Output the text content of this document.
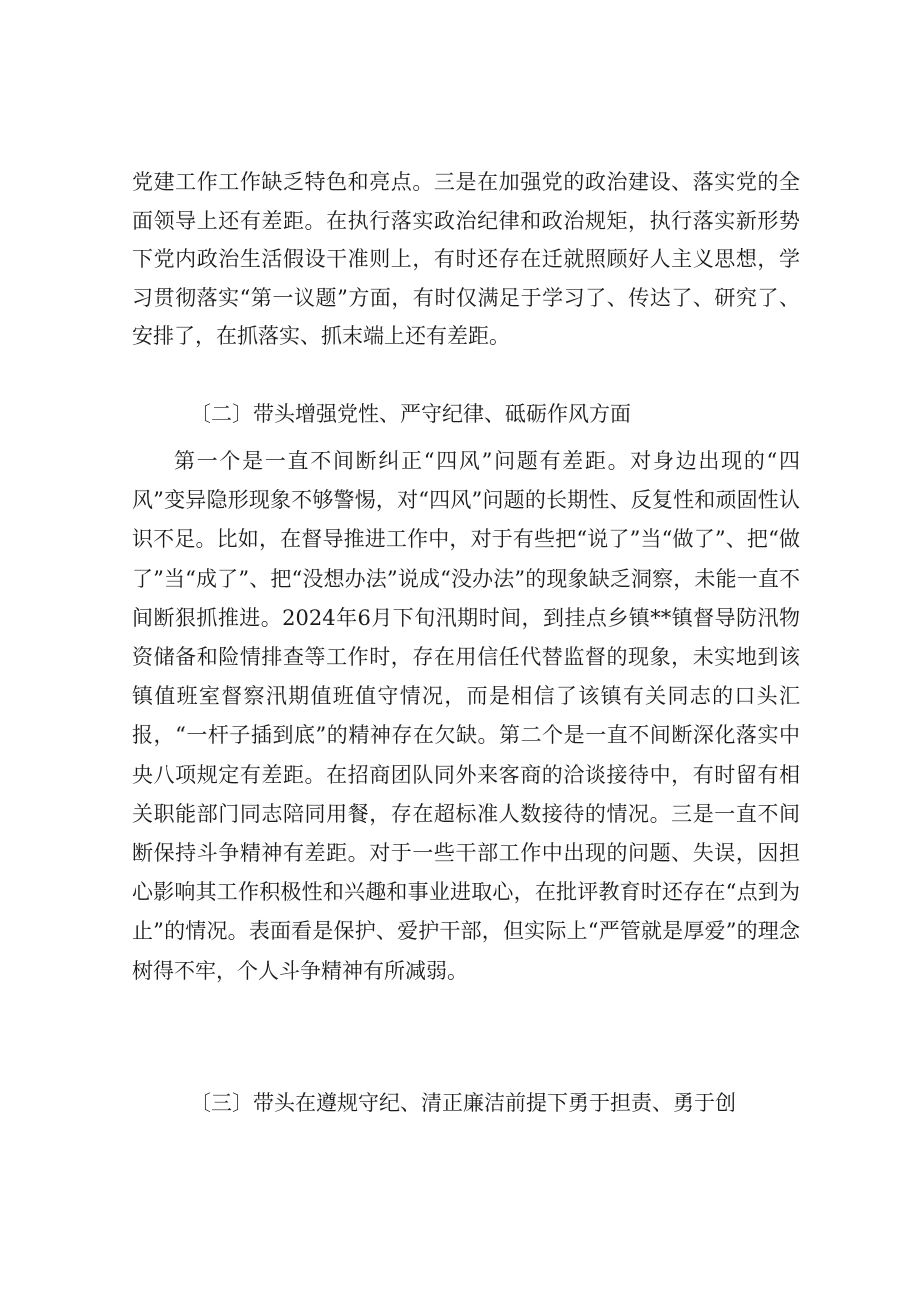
党建工作工作缺乏特色和亮点。三是在加强党的政治建设、落实党的全面领导上还有差距。在执行落实政治纪律和政治规矩，执行落实新形势下党内政治生活假设干准则上，有时还存在迁就照顾好人主义思想，学习贯彻落实“第一议题”方面，有时仅满足于学习了、传达了、研究了、安排了，在抓落实、抓末端上还有差距。

〔二〕带头增强党性、严守纪律、砥砺作风方面

第一个是一直不间断纠正“四风”问题有差距。对身边出现的“四风”变异隐形现象不够警惕，对“四风”问题的长期性、反复性和顽固性认识不足。比如，在督导推进工作中，对于有些把“说了”当“做了”、把“做了”当“成了”、把“没想办法”说成“没办法”的现象缺乏洞察，未能一直不间断狠抓推进。2024年6月下旬汛期时间，到挂点乡镇**镇督导防汛物资储备和险情排查等工作时，存在用信任代替监督的现象，未实地到该镇值班室督察汛期值班值守情况，而是相信了该镇有关同志的口头汇报，“一杆子插到底”的精神存在欠缺。第二个是一直不间断深化落实中央八项规定有差距。在招商团队同外来客商的洽谈接待中，有时留有相关职能部门同志陪同用餐，存在超标准人数接待的情况。三是一直不间断保持斗争精神有差距。对于一些干部工作中出现的问题、失误，因担心影响其工作积极性和兴趣和事业进取心，在批评教育时还存在“点到为止”的情况。表面看是保护、爱护干部，但实际上“严管就是厚爱”的理念树得不牢，个人斗争精神有所减弱。

〔三〕带头在遵规守纪、清正廉洁前提下勇于担责、勇于创
